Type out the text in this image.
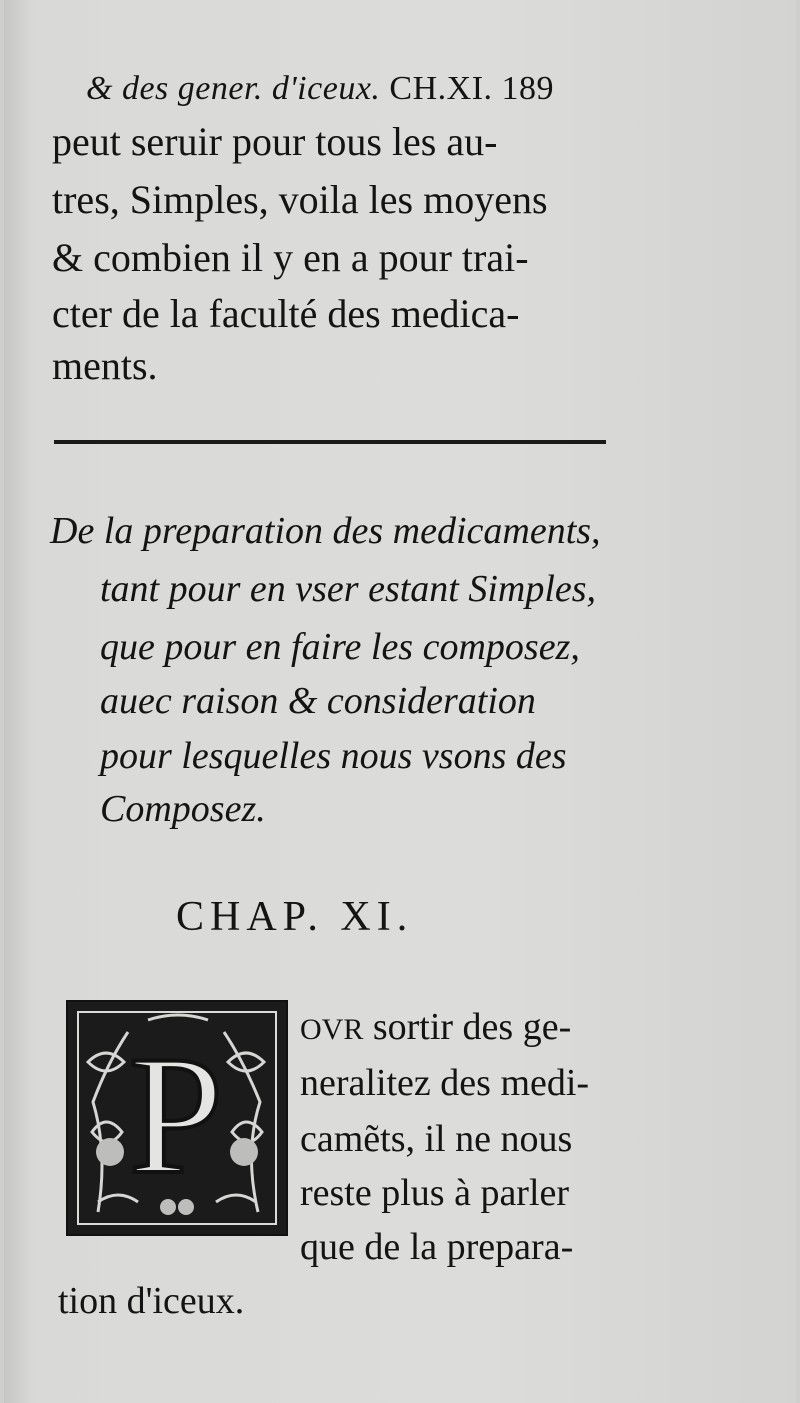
& des gener. d'iceux. CH.XI. 189
peut seruir pour tous les au-
tres, Simples, voila les moyens
& combien il y en a pour trai-
cter de la faculté des medica-
ments.
De la preparation des medicaments,
tant pour en vser estant Simples,
que pour en faire les composez,
auec raison & consideration
pour lesquelles nous vsons des
Composez.
CHAP. XI.
P	OVR sortir des ge-
neralitez des medi-
camẽts, il ne nous
reste plus à parler
que de la prepara-
tion d'iceux.
